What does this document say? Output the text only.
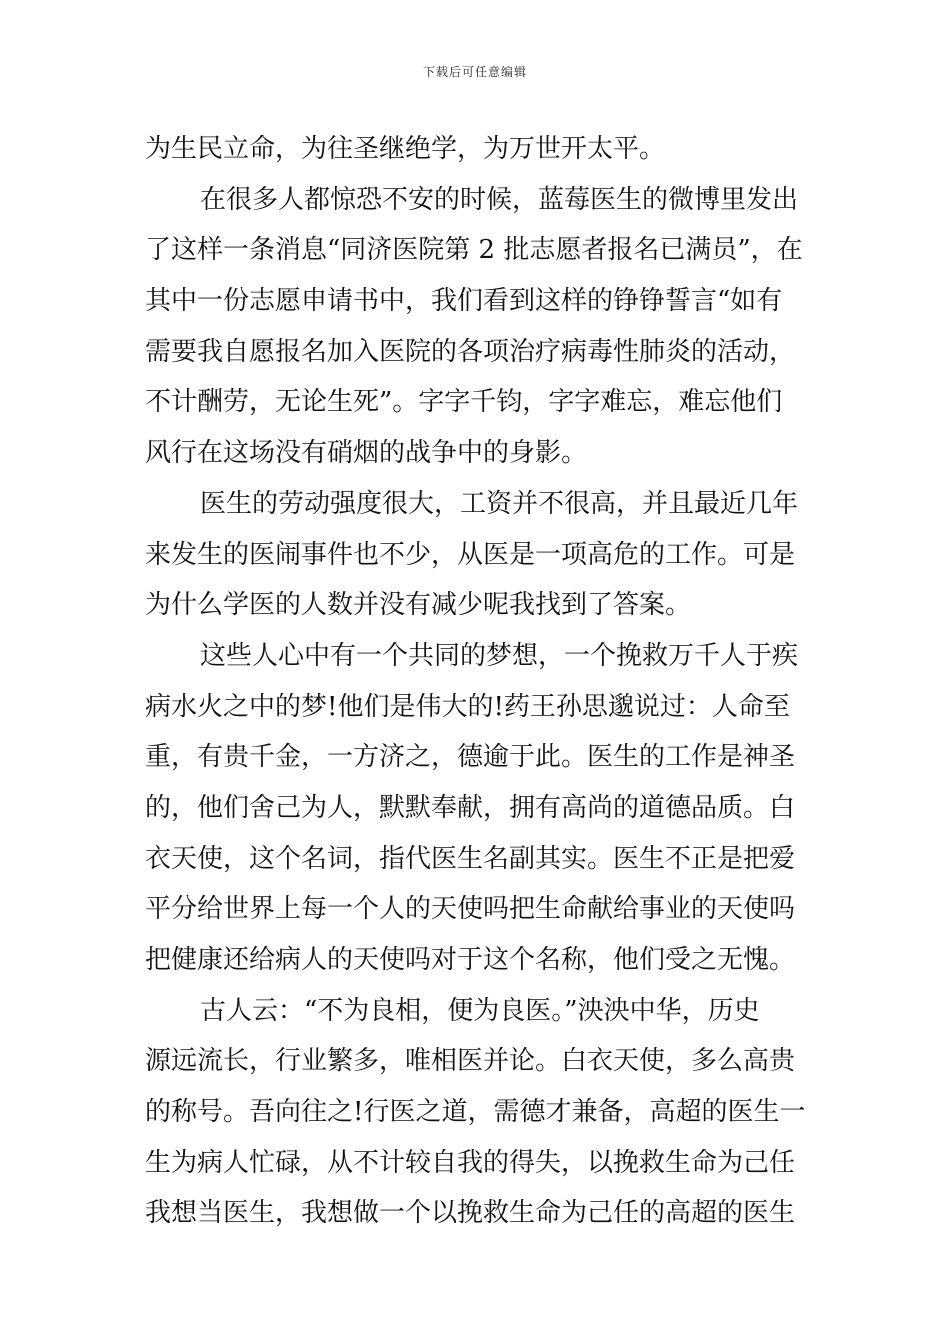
下载后可任意编辑
为生民立命，为往圣继绝学，为万世开太平。
在很多人都惊恐不安的时候，蓝莓医生的微博里发出
了这样一条消息“同济医院第 2 批志愿者报名已满员”，在
其中一份志愿申请书中，我们看到这样的铮铮誓言“如有
需要我自愿报名加入医院的各项治疗病毒性肺炎的活动，
不计酬劳，无论生死”。字字千钧，字字难忘，难忘他们
风行在这场没有硝烟的战争中的身影。
医生的劳动强度很大，工资并不很高，并且最近几年
来发生的医闹事件也不少，从医是一项高危的工作。可是
为什么学医的人数并没有减少呢我找到了答案。
这些人心中有一个共同的梦想，一个挽救万千人于疾
病水火之中的梦!他们是伟大的!药王孙思邈说过：人命至
重，有贵千金，一方济之，德逾于此。医生的工作是神圣
的，他们舍己为人，默默奉献，拥有高尚的道德品质。白
衣天使，这个名词，指代医生名副其实。医生不正是把爱
平分给世界上每一个人的天使吗把生命献给事业的天使吗
把健康还给病人的天使吗对于这个名称，他们受之无愧。
古人云：“不为良相，便为良医。”泱泱中华，历史
源远流长，行业繁多，唯相医并论。白衣天使，多么高贵
的称号。吾向往之!行医之道，需德才兼备，高超的医生一
生为病人忙碌，从不计较自我的得失，以挽救生命为己任
我想当医生，我想做一个以挽救生命为己任的高超的医生
